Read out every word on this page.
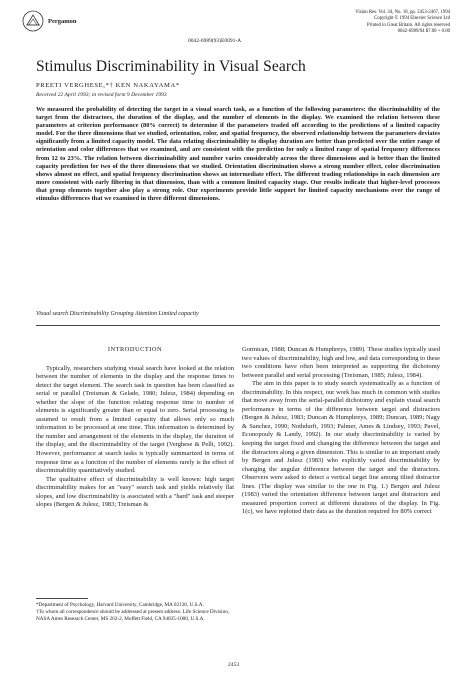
Pergamon
Vision Res. Vol. 34, No. 18, pp. 2453-2467, 1994
Copyright © 1994 Elsevier Science Ltd
Printed in Great Britain. All rights reserved
0042-6989/94 $7.00 + 0.00
0042-6989(93)E0091-A
Stimulus Discriminability in Visual Search
PREETI VERGHESE,*† KEN NAKAYAMA*
Received 22 April 1993; in revised form 9 December 1993

We measured the probability of detecting the target in a visual search task, as a function of the following parameters: the discriminability of the target from the distractors, the duration of the display, and the number of elements in the display. We examined the relation between these parameters at criterion performance (80% correct) to determine if the parameters traded off according to the predictions of a limited capacity model. For the three dimensions that we studied, orientation, color, and spatial frequency, the observed relationship between the parameters deviates significantly from a limited capacity model. The data relating discriminability to display duration are better than predicted over the entire range of orientation and color differences that we examined, and are consistent with the prediction for only a limited range of spatial frequency differences from 12 to 23%. The relation between discriminability and number varies considerably across the three dimensions and is better than the limited capacity prediction for two of the three dimensions that we studied. Orientation discrimination shows a strong number effect, color discrimination shows almost no effect, and spatial frequency discrimination shows an intermediate effect. The different trading relationships in each dimension are more consistent with early filtering in that dimension, than with a common limited capacity stage. Our results indicate that higher-level processes that group elements together also play a strong role. Our experiments provide little support for limited capacity mechanisms over the range of stimulus differences that we examined in three different dimensions.

Visual search Discriminability Grouping Attention Limited capacity
INTRODUCTION

Typically, researchers studying visual search have looked at the relation between the number of elements in the display and the response times to detect the target element. The search task in question has been classified as serial or parallel (Treisman & Gelade, 1980; Julesz, 1984) depending on whether the slope of the function relating response time to number of elements is significantly greater than or equal to zero. Serial processing is assumed to result from a limited capacity that allows only so much information to be processed at one time. This information is determined by the number and arrangement of the elements in the display, the duration of the display, and the discriminability of the target (Verghese & Pelli, 1992). However, performance at search tasks is typically summarized in terms of response time as a function of the number of elements rarely is the effect of discriminability quantitatively studied.

The qualitative effect of discriminability is well known: high target discriminability makes for an "easy" search task and yields relatively flat slopes, and low discriminability is associated with a "hard" task and steeper slopes (Bergen & Julesz, 1983; Treisman &

Gormican, 1988; Duncan & Humphreys, 1989). These studies typically used two values of discriminability, high and low, and data corresponding to these two conditions have often been interpreted as supporting the dichotomy between parallel and serial processing (Treisman, 1985; Julesz, 1984).

The aim in this paper is to study search systematically as a function of discriminability. In this respect, our work has much in common with studies that move away from the serial-parallel dichotomy and explain visual search performance in terms of the difference between target and distractors (Bergen & Julesz, 1983; Duncan & Humphreys, 1989; Duncan, 1989; Nagy & Sanchez, 1990; Nothdurft, 1993; Palmer, Ames & Lindsey, 1993; Pavel, Econopouly & Landy, 1992). In our study discriminability is varied by keeping the target fixed and changing the difference between the target and the distractors along a given dimension. This is similar to an important study by Bergen and Julesz (1983) who explicitly varied discriminability by changing the angular difference between the target and the distractors. Observers were asked to detect a vertical target line among tilted distractor lines. (The display was similar to the one in Fig. 1.) Bergen and Julesz (1983) varied the orientation difference between target and distractors and measured proportion correct at different durations of the display. In Fig. 1(c), we have replotted their data as the duration required for 80% correct

*Department of Psychology, Harvard University, Cambridge, MA 02138, U.S.A.

†To whom all correspondence should be addressed at present address: Life Science Division, NASA Ames Research Center, MS 262-2, Moffett Field, CA 94035-1000, U.S.A.

2453
